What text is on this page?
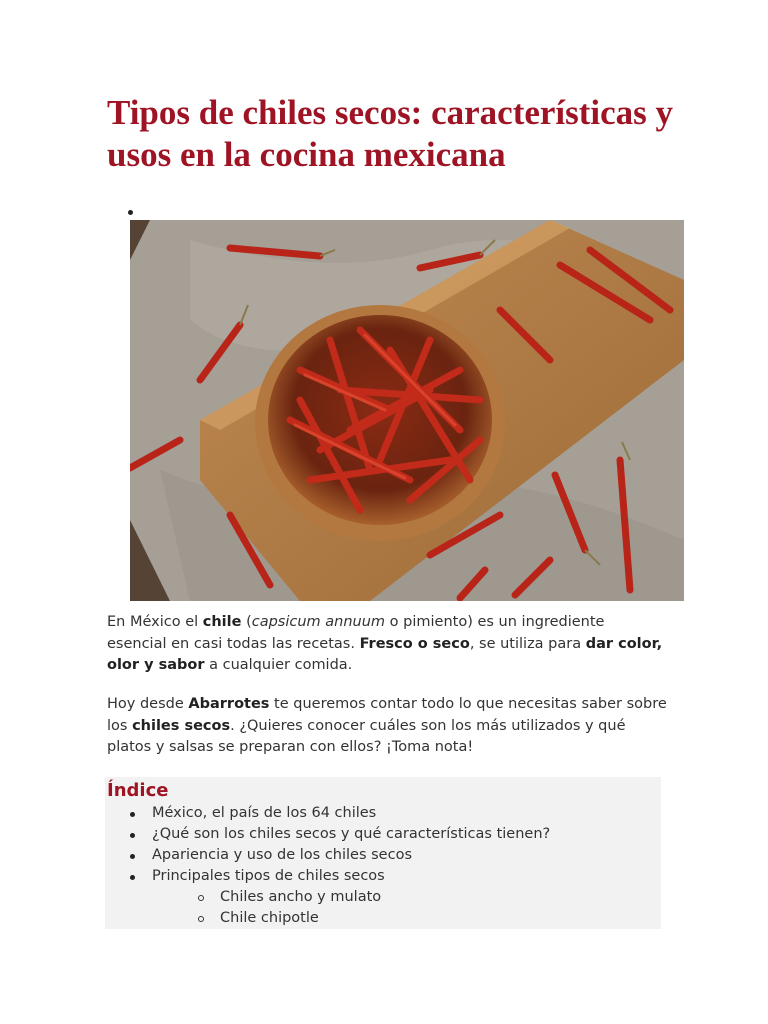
Tipos de chiles secos: características y usos en la cocina mexicana

En México el chile (capsicum annuum o pimiento) es un ingrediente esencial en casi todas las recetas. Fresco o seco, se utiliza para dar color, olor y sabor a cualquier comida.

Hoy desde Abarrotes te queremos contar todo lo que necesitas saber sobre los chiles secos. ¿Quieres conocer cuáles son los más utilizados y qué platos y salsas se preparan con ellos? ¡Toma nota!

Índice
México, el país de los 64 chiles
¿Qué son los chiles secos y qué características tienen?
Apariencia y uso de los chiles secos
Principales tipos de chiles secos
Chiles ancho y mulato
Chile chipotle
